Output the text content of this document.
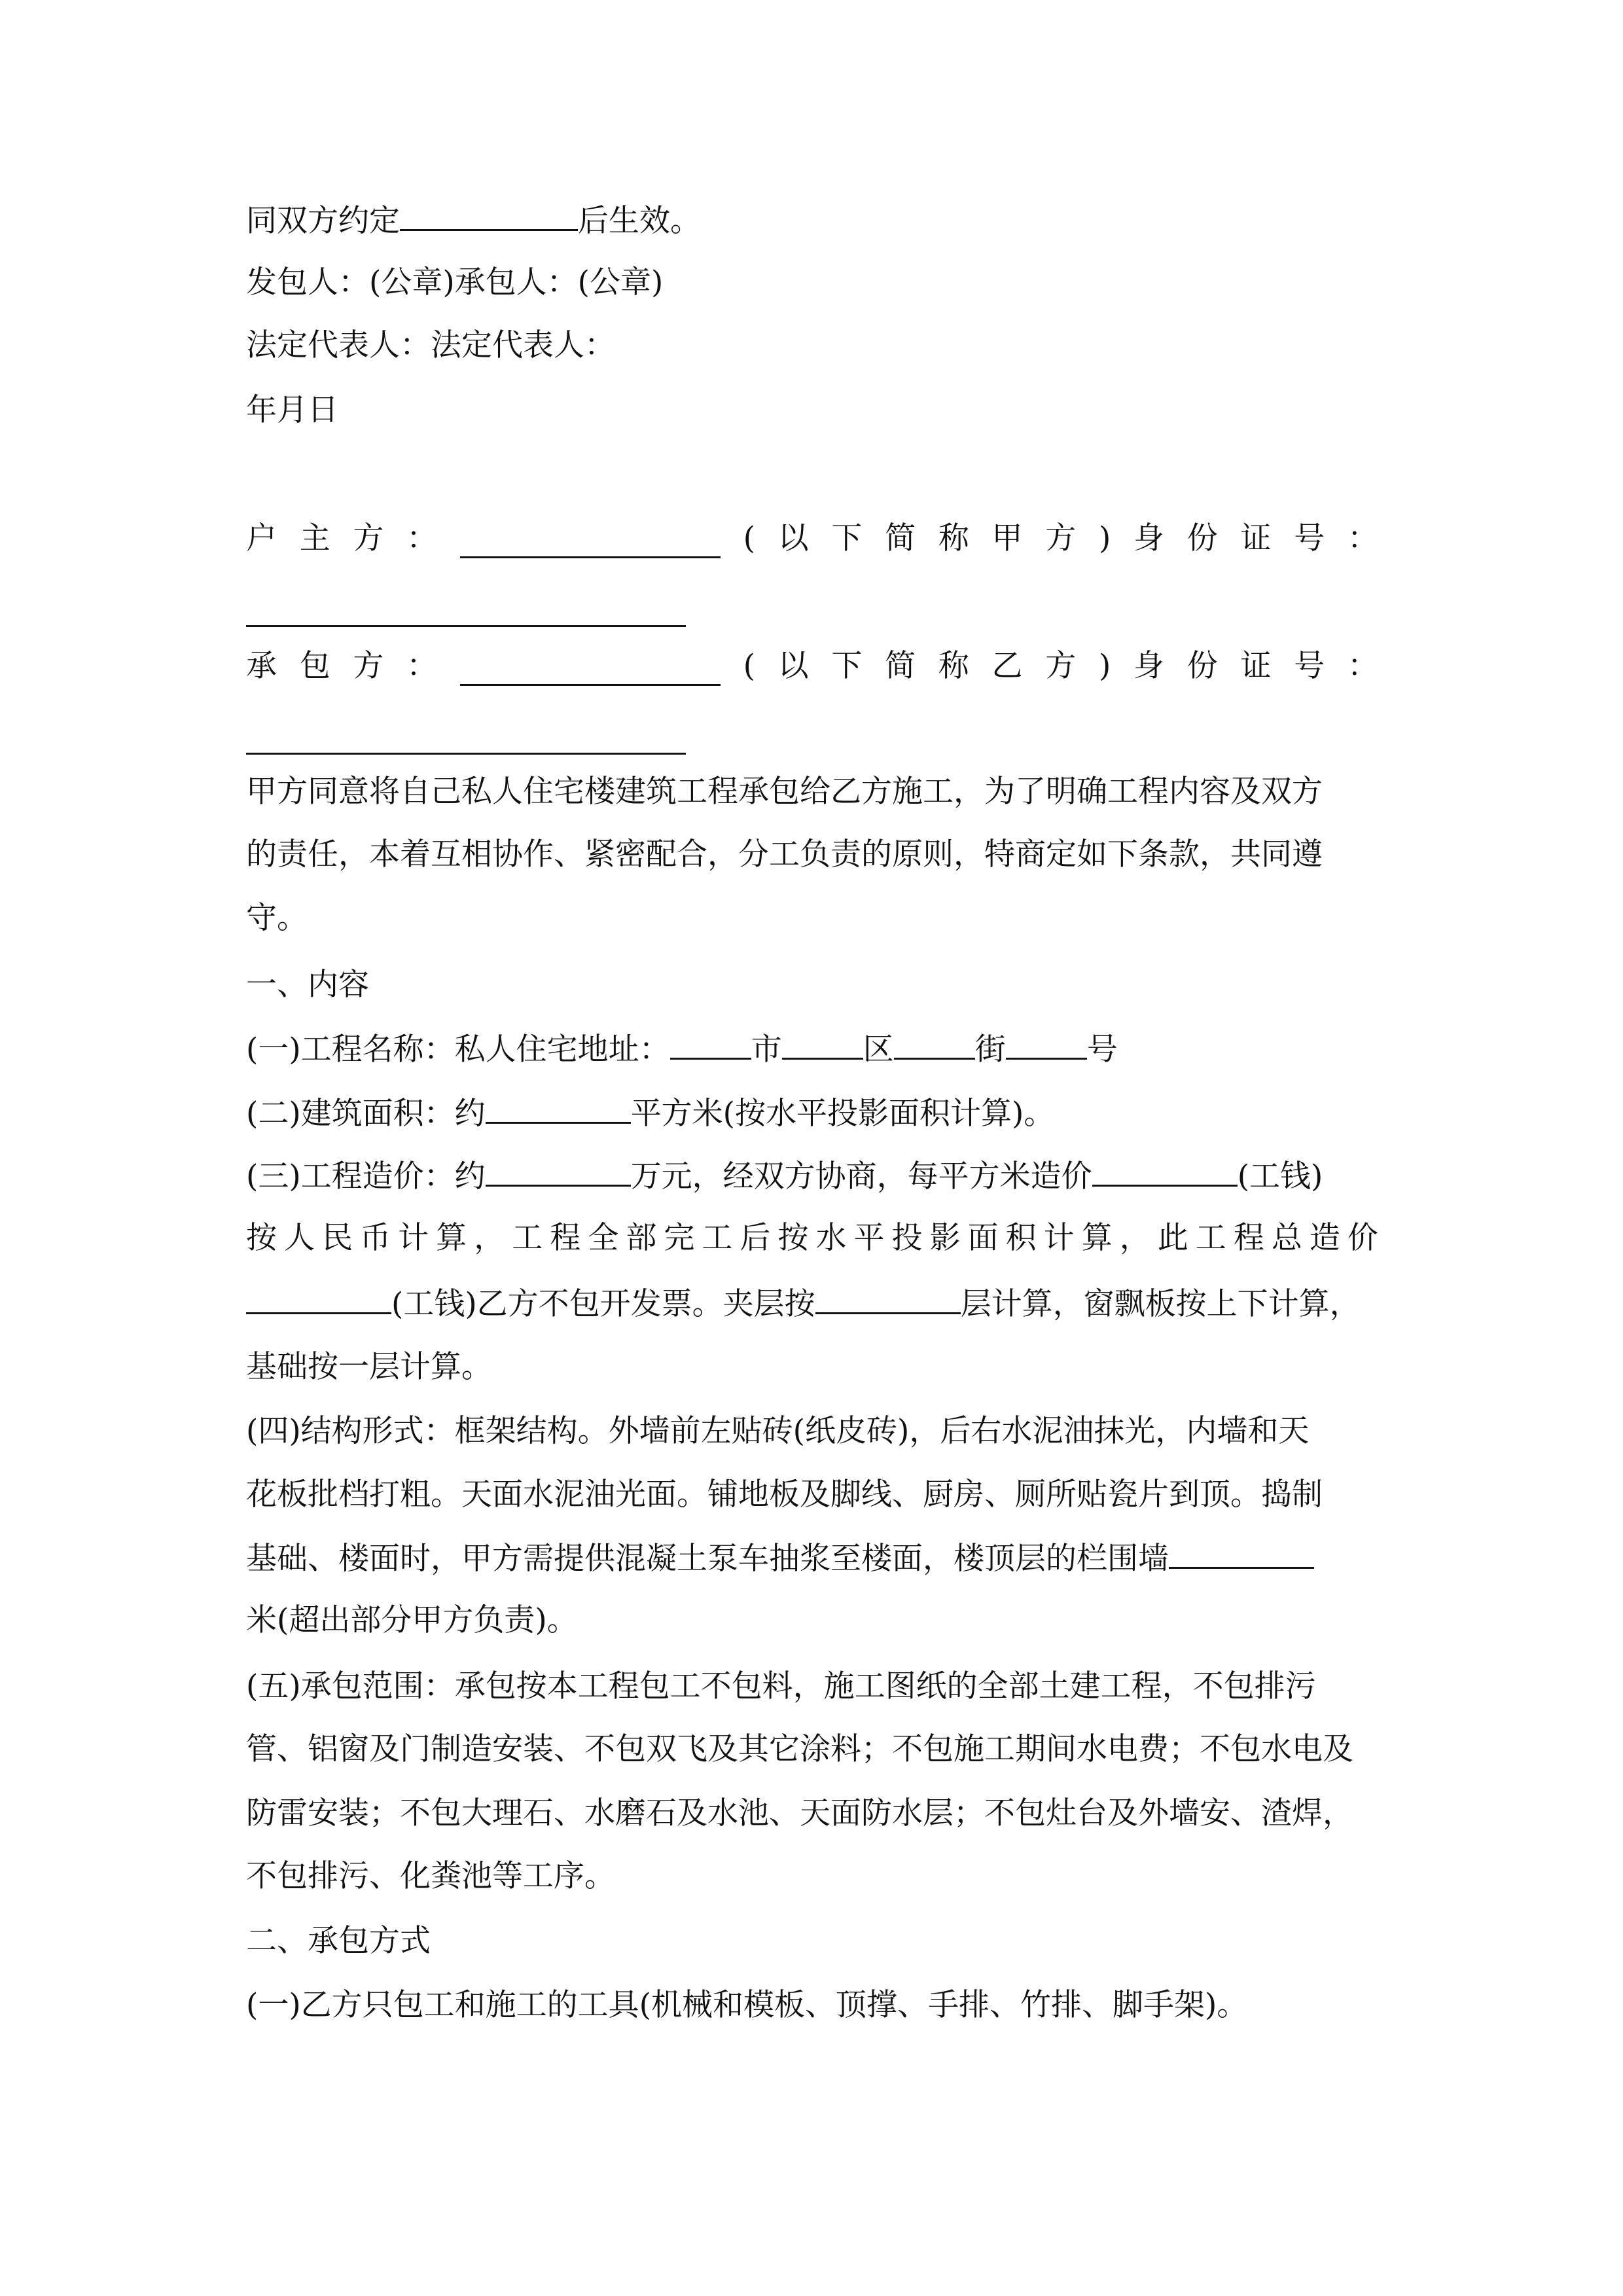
同双方约定	后生效。
发包人：(公章)承包人：(公章)
法定代表人：法定代表人：
年月日
户 主 方 ：	( 以 下 简 称 甲 方 ) 身 份 证 号 ：
承 包 方 ：	( 以 下 简 称 乙 方 ) 身 份 证 号 ：
甲方同意将自己私人住宅楼建筑工程承包给乙方施工，为了明确工程内容及双方
的责任，本着互相协作、紧密配合，分工负责的原则，特商定如下条款，共同遵
守。
一、内容
(一)工程名称：私人住宅地址：	市	区	街	号
(二)建筑面积：约	平方米(按水平投影面积计算)。
(三)工程造价：约	万元，经双方协商，每平方米造价	(工钱)
按 人 民 币 计 算 ， 工 程 全 部 完 工 后 按 水 平 投 影 面 积 计 算 ， 此 工 程 总 造 价
(工钱)乙方不包开发票。夹层按	层计算，窗飘板按上下计算，
基础按一层计算。
(四)结构形式：框架结构。外墙前左贴砖(纸皮砖)，后右水泥油抹光，内墙和天
花板批档打粗。天面水泥油光面。铺地板及脚线、厨房、厕所贴瓷片到顶。捣制
基础、楼面时，甲方需提供混凝土泵车抽浆至楼面，楼顶层的栏围墙
米(超出部分甲方负责)。
(五)承包范围：承包按本工程包工不包料，施工图纸的全部土建工程，不包排污
管、铝窗及门制造安装、不包双飞及其它涂料；不包施工期间水电费；不包水电及
防雷安装；不包大理石、水磨石及水池、天面防水层；不包灶台及外墙安、渣焊，
不包排污、化粪池等工序。
二、承包方式
(一)乙方只包工和施工的工具(机械和模板、顶撑、手排、竹排、脚手架)。
